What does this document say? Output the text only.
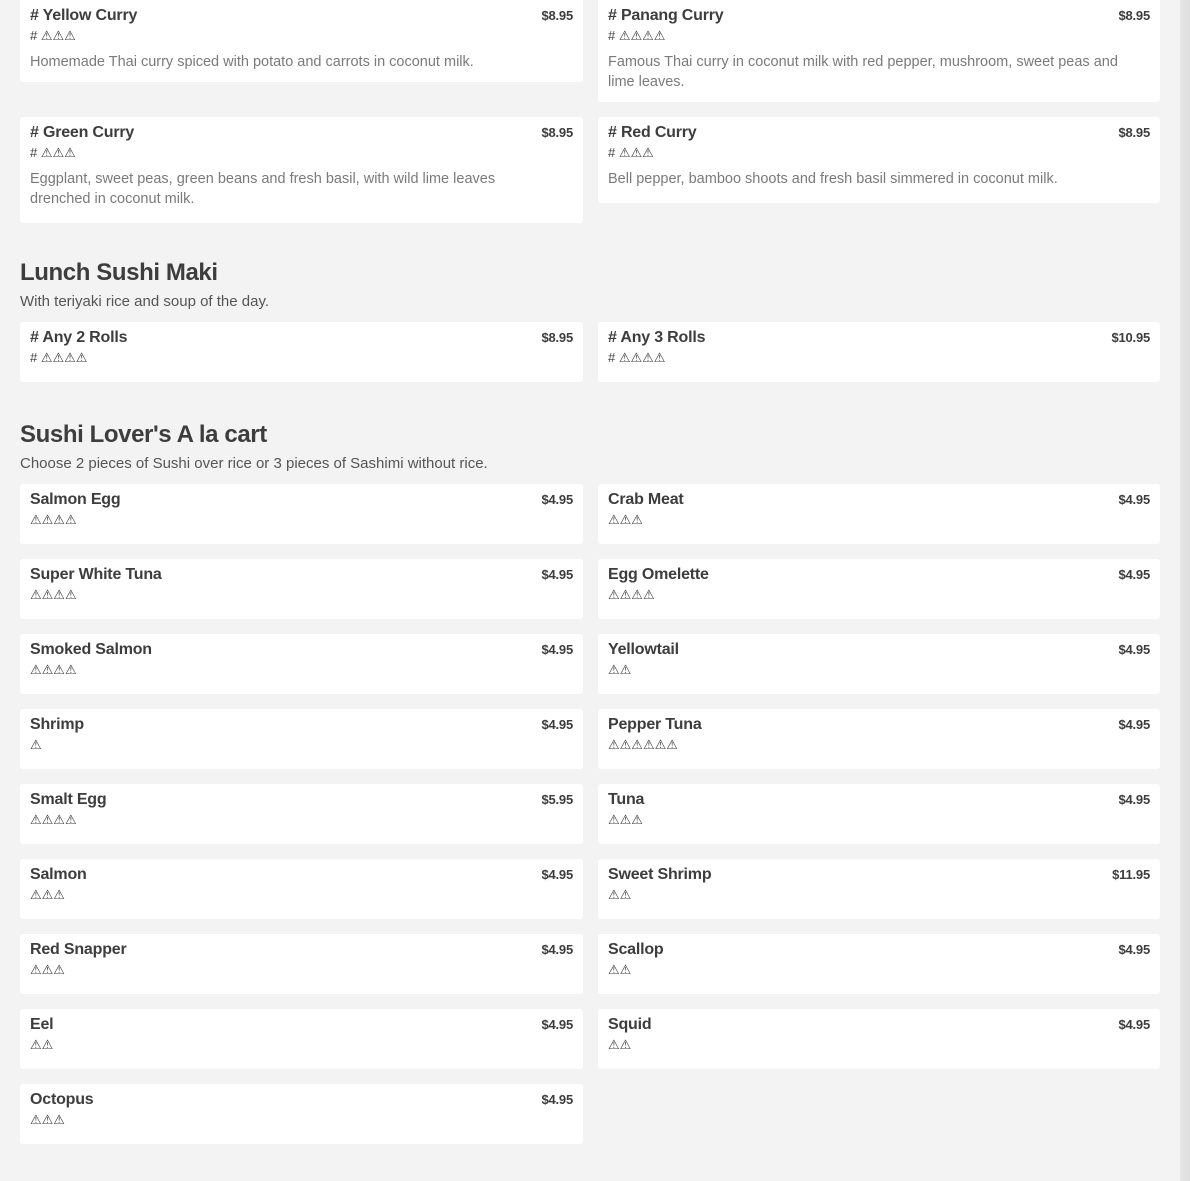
# Yellow Curry
# ⚠⚠⚠
Homemade Thai curry spiced with potato and carrots in coconut milk.
$8.95 # Panang Curry
# ⚠⚠⚠⚠
Famous Thai curry in coconut milk with red pepper, mushroom, sweet peas and lime leaves.
$8.95
# Green Curry
# ⚠⚠⚠
Eggplant, sweet peas, green beans and fresh basil, with wild lime leaves drenched in coconut milk.
$8.95 # Red Curry
# ⚠⚠⚠
Bell pepper, bamboo shoots and fresh basil simmered in coconut milk.
$8.95
Lunch Sushi Maki
With teriyaki rice and soup of the day.
# Any 2 Rolls
# ⚠⚠⚠⚠
$8.95 # Any 3 Rolls
# ⚠⚠⚠⚠
$10.95
Sushi Lover's A la cart
Choose 2 pieces of Sushi over rice or 3 pieces of Sashimi without rice.
Salmon Egg
⚠⚠⚠⚠
$4.95 Crab Meat
⚠⚠⚠
$4.95
Super White Tuna
⚠⚠⚠⚠
$4.95 Egg Omelette
⚠⚠⚠⚠
$4.95
Smoked Salmon
⚠⚠⚠⚠
$4.95 Yellowtail
⚠⚠
$4.95
Shrimp
⚠
$4.95 Pepper Tuna
⚠⚠⚠⚠⚠⚠
$4.95
Smalt Egg
⚠⚠⚠⚠
$5.95 Tuna
⚠⚠⚠
$4.95
Salmon
⚠⚠⚠
$4.95 Sweet Shrimp
⚠⚠
$11.95
Red Snapper
⚠⚠⚠
$4.95 Scallop
⚠⚠
$4.95
Eel
⚠⚠
$4.95 Squid
⚠⚠
$4.95
Octopus
⚠⚠⚠
$4.95
